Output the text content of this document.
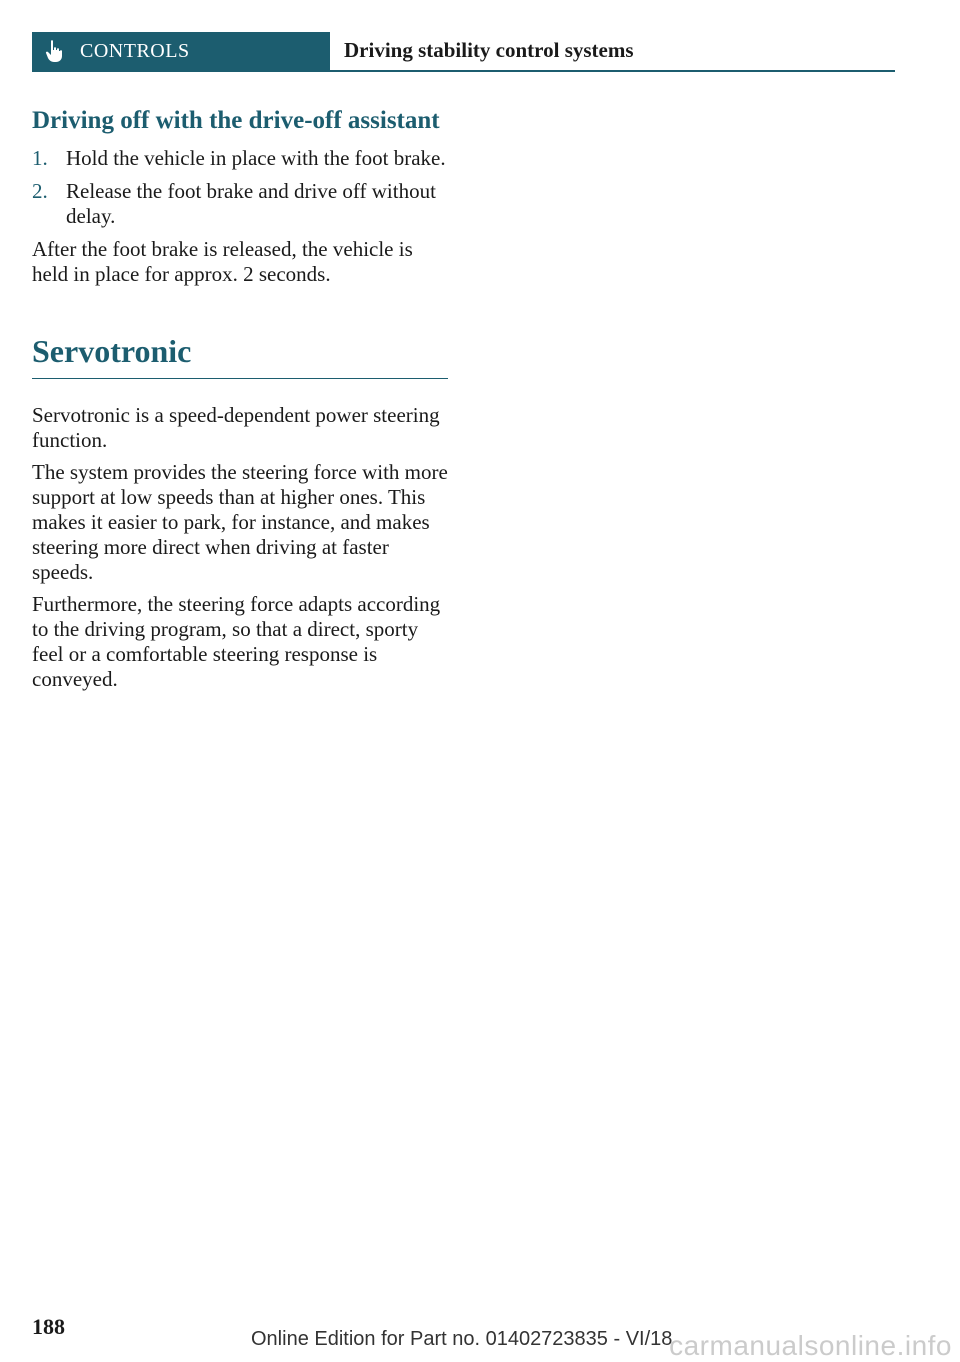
CONTROLS	Driving stability control systems
Driving off with the drive-off assistant
1. Hold the vehicle in place with the foot brake.
2. Release the foot brake and drive off without delay.

After the foot brake is released, the vehicle is held in place for approx. 2 seconds.

Servotronic

Servotronic is a speed-dependent power steering function.

The system provides the steering force with more support at low speeds than at higher ones. This makes it easier to park, for instance, and makes steering more direct when driving at faster speeds.

Furthermore, the steering force adapts according to the driving program, so that a direct, sporty feel or a comfortable steering response is conveyed.

188	Online Edition for Part no. 01402723835 - VI/18
carmanualsonline.info
